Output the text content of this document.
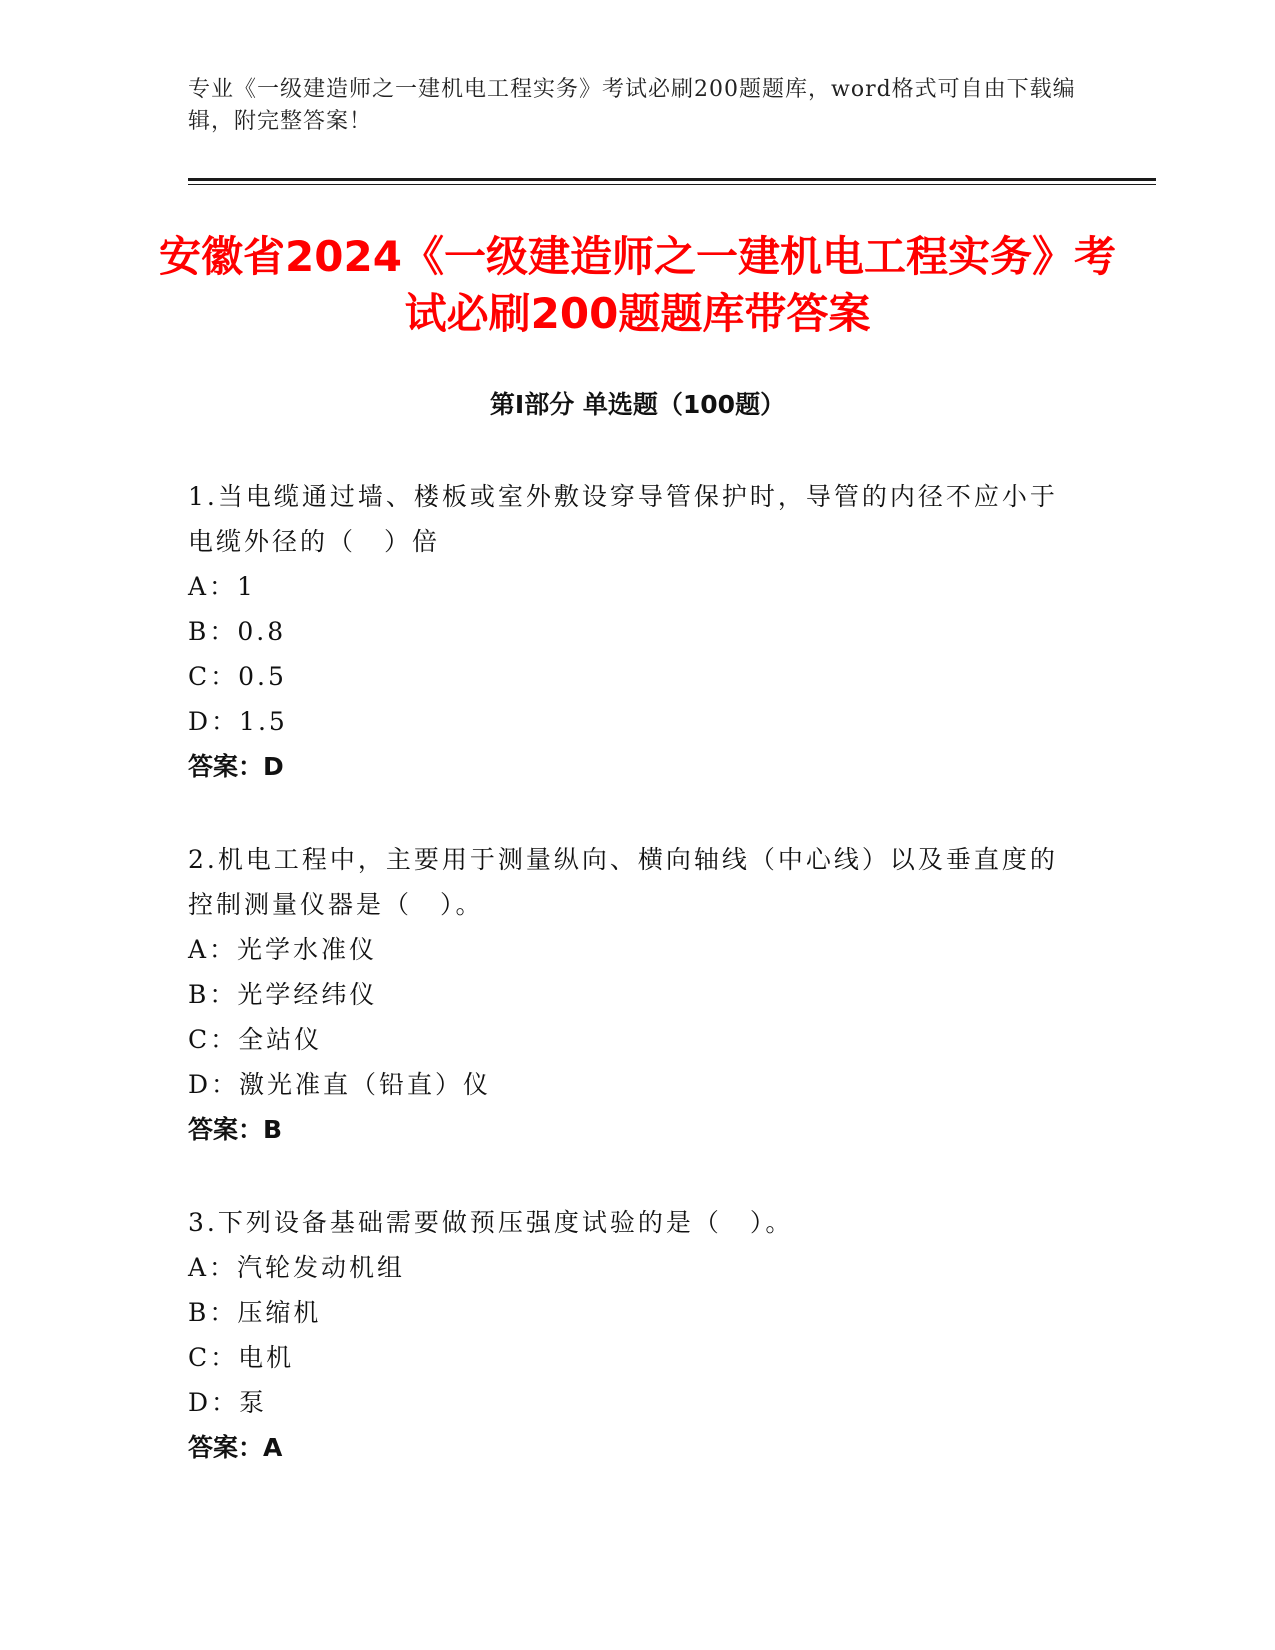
专业《一级建造师之一建机电工程实务》考试必刷200题题库，word格式可自由下载编辑，附完整答案！
安徽省2024《一级建造师之一建机电工程实务》考试必刷200题题库带答案
第Ⅰ部分 单选题（100题）

1.当电缆通过墙、楼板或室外敷设穿导管保护时，导管的内径不应小于电缆外径的（　）倍

A：1

B：0.8

C：0.5

D：1.5

答案：D

2.机电工程中，主要用于测量纵向、横向轴线（中心线）以及垂直度的控制测量仪器是（　）。

A：光学水准仪

B：光学经纬仪

C：全站仪

D：激光准直（铅直）仪

答案：B

3.下列设备基础需要做预压强度试验的是（　）。

A：汽轮发动机组

B：压缩机

C：电机

D：泵

答案：A
